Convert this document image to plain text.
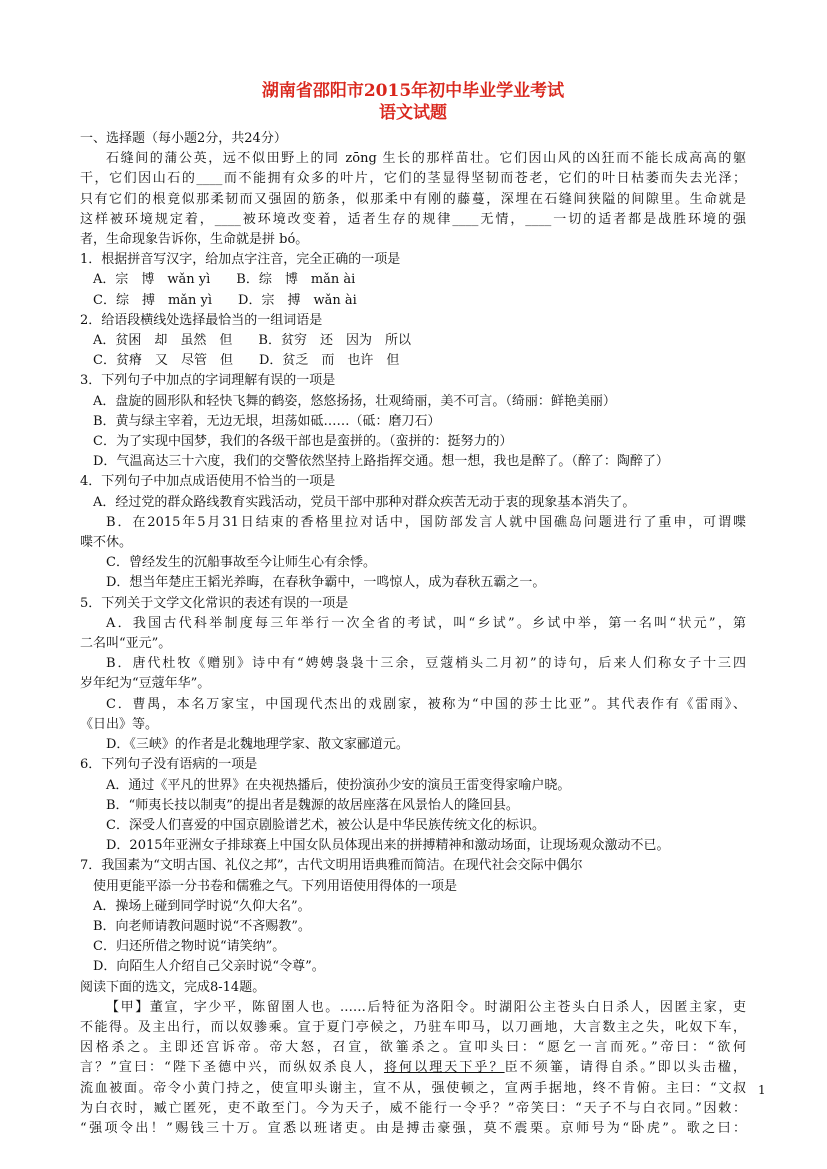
湖南省邵阳市2015年初中毕业学业考试
语文试题
一、选择题（每小题2分，共24分）
石缝间的蒲公英，远不似田野上的同 zōng 生长的那样苗壮。它们因山风的凶狂而不能长成高高的躯
干，它们因山石的____而不能拥有众多的叶片，它们的茎显得坚韧而苍老，它们的叶日枯萎而失去光泽；
只有它们的根竟似那柔韧而又强固的筋条，似那柔中有刚的藤蔓，深埋在石缝间狭隘的间隙里。生命就是
这样被环境规定着，____被环境改变着，适者生存的规律____无情，____一切的适者都是战胜环境的强
者，生命现象告诉你，生命就是拼 bó。
1．根据拼音写汉字，给加点字注音，完全正确的一项是
A．宗　博　wǎn yì　　B．综　博　mǎn ài
C．综　搏　mǎn yì　　D．宗　搏　wǎn ài
2．给语段横线处选择最恰当的一组词语是
A．贫困　却　虽然　但　　B．贫穷　还　因为　所以
C．贫瘠　又　尽管　但　　D．贫乏　而　也许　但
3．下列句子中加点的字词理解有误的一项是
A．盘旋的圆形队和轻快飞舞的鹤姿，悠悠扬扬，壮观绮丽，美不可言。（绮丽：鲜艳美丽）
B．黄与绿主宰着，无边无垠，坦荡如砥……（砥：磨刀石）
C．为了实现中国梦，我们的各级干部也是蛮拼的。（蛮拼的：挺努力的）
D．气温高达三十六度，我们的交警依然坚持上路指挥交通。想一想，我也是醉了。（醉了：陶醉了）
4．下列句子中加点成语使用不恰当的一项是
A．经过党的群众路线教育实践活动，党员干部中那种对群众疾苦无动于衷的现象基本消失了。
B．在2015年5月31日结束的香格里拉对话中，国防部发言人就中国礁岛问题进行了重申，可谓喋
喋不休。
C．曾经发生的沉船事故至今让师生心有余悸。
D．想当年楚庄王韬光养晦，在春秋争霸中，一鸣惊人，成为春秋五霸之一。
5．下列关于文学文化常识的表述有误的一项是
A．我国古代科举制度每三年举行一次全省的考试，叫“乡试”。乡试中举，第一名叫“状元”，第
二名叫“亚元”。
B．唐代杜牧《赠别》诗中有“娉娉袅袅十三余，豆蔻梢头二月初”的诗句，后来人们称女子十三四
岁年纪为“豆蔻年华”。
C．曹禺，本名万家宝，中国现代杰出的戏剧家，被称为“中国的莎士比亚”。其代表作有《雷雨》、
《日出》等。
D．《三峡》的作者是北魏地理学家、散文家郦道元。
6．下列句子没有语病的一项是
A．通过《平凡的世界》在央视热播后，使扮演孙少安的演员王雷变得家喻户晓。
B．“师夷长技以制夷”的提出者是魏源的故居座落在风景怡人的隆回县。
C．深受人们喜爱的中国京剧脸谱艺术，被公认是中华民族传统文化的标识。
D．2015年亚洲女子排球赛上中国女队员体现出来的拼搏精神和激动场面，让现场观众激动不已。
7．我国素为“文明古国、礼仪之邦”，古代文明用语典雅而简洁。在现代社会交际中偶尔
使用更能平添一分书卷和儒雅之气。下列用语使用得体的一项是
A．操场上碰到同学时说“久仰大名”。
B．向老师请教问题时说“不吝赐教”。
C．归还所借之物时说“请笑纳”。
D．向陌生人介绍自己父亲时说“令尊”。
阅读下面的选文，完成8-14题。
【甲】董宣，字少平，陈留圉人也。……后特征为洛阳令。时湖阳公主苍头白日杀人，因匿主家，吏
不能得。及主出行，而以奴骖乘。宣于夏门亭候之，乃驻车叩马，以刀画地，大言数主之失，叱奴下车，
因格杀之。主即还宫诉帝。帝大怒，召宣，欲箠杀之。宣叩头曰：“愿乞一言而死。”帝曰：“欲何
言？”宣曰：“陛下圣德中兴，而纵奴杀良人，将何以理天下乎？臣不须箠，请得自杀。”即以头击楹，
流血被面。帝令小黄门持之，使宣叩头谢主，宣不从，强使顿之，宣两手据地，终不肯俯。主曰：“文叔
为白衣时，臧亡匿死，吏不敢至门。今为天子，威不能行一令乎？”帝笑曰：“天子不与白衣同。”因敕：
“强项令出！”赐钱三十万。宣悉以班诸吏。由是搏击豪强，莫不震栗。京师号为“卧虎”。歌之曰：
1
